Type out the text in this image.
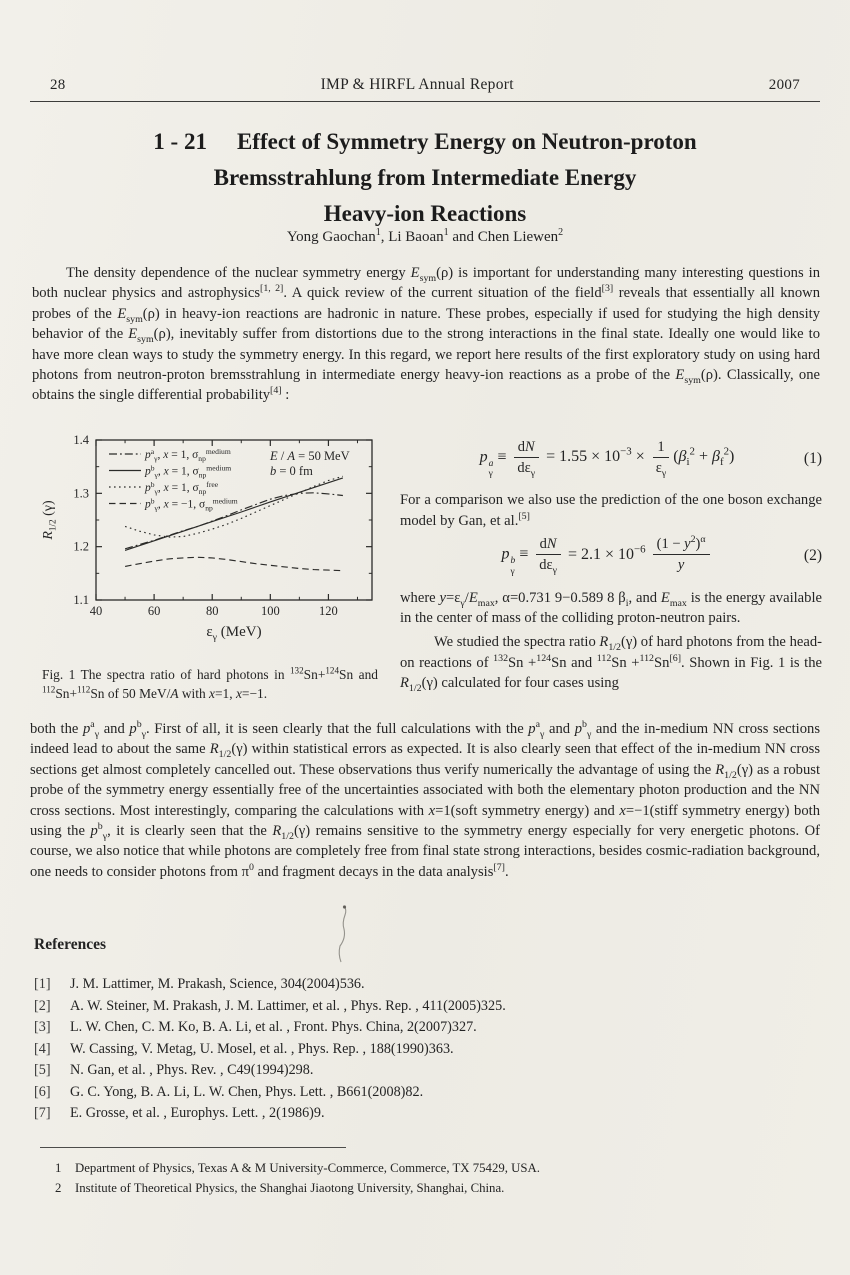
28	IMP & HIRFL Annual Report	2007
1 - 21 Effect of Symmetry Energy on Neutron-proton
Bremsstrahlung from Intermediate Energy
Heavy-ion Reactions
Yong Gaochan$^1$, Li Baoan$^1$ and Chen Liewen$^2$
The density dependence of the nuclear symmetry energy $E_{sym}(\rho)$ is important for understanding many interesting questions in both nuclear physics and astrophysics[1, 2]. A quick review of the current situation of the field[3] reveals that essentially all known probes of the $E_{sym}(\rho)$ in heavy-ion reactions are hadronic in nature. These probes, especially if used for studying the high density behavior of the $E_{sym}(\rho)$, inevitably suffer from distortions due to the strong interactions in the final state. Ideally one would like to have more clean ways to study the symmetry energy. In this regard, we report here results of the first exploratory study on using hard photons from neutron-proton bremsstrahlung in intermediate energy heavy-ion reactions as a probe of the $E_{sym}(\rho)$. Classically, one obtains the single differential probability[4] :
40	60	80	100	120
1.1
1.2
1.3
1.4
$\varepsilon_\gamma$ (MeV)
$R_{1/2}$ (γ)
$p^a_\gamma$, x = 1, $\sigma_{np}^{medium}$
$p^b_\gamma$, x = 1, $\sigma_{np}^{medium}$
$p^b_\gamma$, x = 1, $\sigma_{np}^{free}$
$p^b_\gamma$, x = −1, $\sigma_{np}^{medium}$
E / A = 50 MeV
b = 0 fm
Fig. 1 The spectra ratio of hard photons in $^{132}$Sn+$^{124}$Sn and $^{112}$Sn+$^{112}$Sn of 50 MeV/A with x=1, x=−1.
p a
γ
≡ $\frac{dN}{d\varepsilon_\gamma} = 1.55 \times 10^{-3} \times \frac{1}{\varepsilon_\gamma} (\beta_i^2 + \beta_f^2)$	(1)
For a comparison we also use the prediction of the one boson exchange model by Gan, et al.[5]
p b
γ
≡ $\frac{dN}{d\varepsilon_\gamma} = 2.1 \times 10^{-6} \frac{(1 - y^2)^\alpha}{y}$	(2)
where $y=\varepsilon_\gamma/E_{max}$, α=0.731 9−0.589 8 $\beta_i$, and $E_{max}$ is the energy available in the center of mass of the colliding proton-neutron pairs.
We studied the spectra ratio $R_{1/2}(\gamma)$ of hard photons from the head-on reactions of $^{132}$Sn +$^{124}$Sn and $^{112}$Sn +$^{112}$Sn[6]. Shown in Fig. 1 is the $R_{1/2}(\gamma)$ calculated for four cases using
both the $p^a_\gamma$ and $p^b_\gamma$. First of all, it is seen clearly that the full calculations with the $p^a_\gamma$ and $p^b_\gamma$ and the in-medium NN cross sections indeed lead to about the same $R_{1/2}(\gamma)$ within statistical errors as expected. It is also clearly seen that effect of the in-medium NN cross sections get almost completely cancelled out. These observations thus verify numerically the advantage of using the $R_{1/2}(\gamma)$ as a robust probe of the symmetry energy essentially free of the uncertainties associated with both the elementary photon production and the NN cross sections. Most interestingly, comparing the calculations with x=1(soft symmetry energy) and x=−1(stiff symmetry energy) both using the $p^b_\gamma$, it is clearly seen that the $R_{1/2}(\gamma)$ remains sensitive to the symmetry energy especially for very energetic photons. Of course, we also notice that while photons are completely free from final state strong interactions, besides cosmic-radiation background, one needs to consider photons from $\pi^0$ and fragment decays in the data analysis[7].
References
[1]	J. M. Lattimer, M. Prakash, Science, 304(2004)536.
[2]	A. W. Steiner, M. Prakash, J. M. Lattimer, et al. , Phys. Rep. , 411(2005)325.
[3]	L. W. Chen, C. M. Ko, B. A. Li, et al. , Front. Phys. China, 2(2007)327.
[4]	W. Cassing, V. Metag, U. Mosel, et al. , Phys. Rep. , 188(1990)363.
[5]	N. Gan, et al. , Phys. Rev. , C49(1994)298.
[6]	G. C. Yong, B. A. Li, L. W. Chen, Phys. Lett. , B661(2008)82.
[7]	E. Grosse, et al. , Europhys. Lett. , 2(1986)9.
1	Department of Physics, Texas A & M University-Commerce, Commerce, TX 75429, USA.
2	Institute of Theoretical Physics, the Shanghai Jiaotong University, Shanghai, China.
